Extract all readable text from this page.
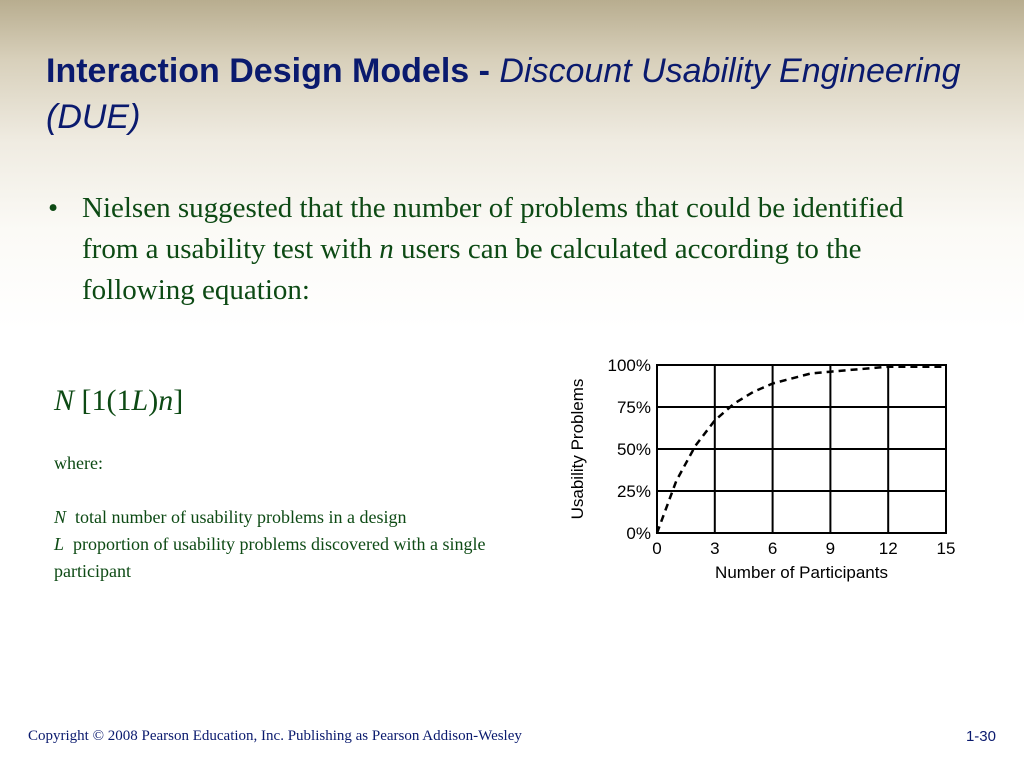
Interaction Design Models - Discount Usability Engineering (DUE)
• Nielsen suggested that the number of problems that could be identified from a usability test with n users can be calculated according to the following equation:
N [1(1L)n]
where:
N total number of usability problems in a design
L proportion of usability problems discovered with a single participant
0	3	6	9	12 15
0%
25%
50%
75%
100%
Number of Participants
Usability Problems
Copyright © 2008 Pearson Education, Inc. Publishing as Pearson Addison-Wesley	1-30
